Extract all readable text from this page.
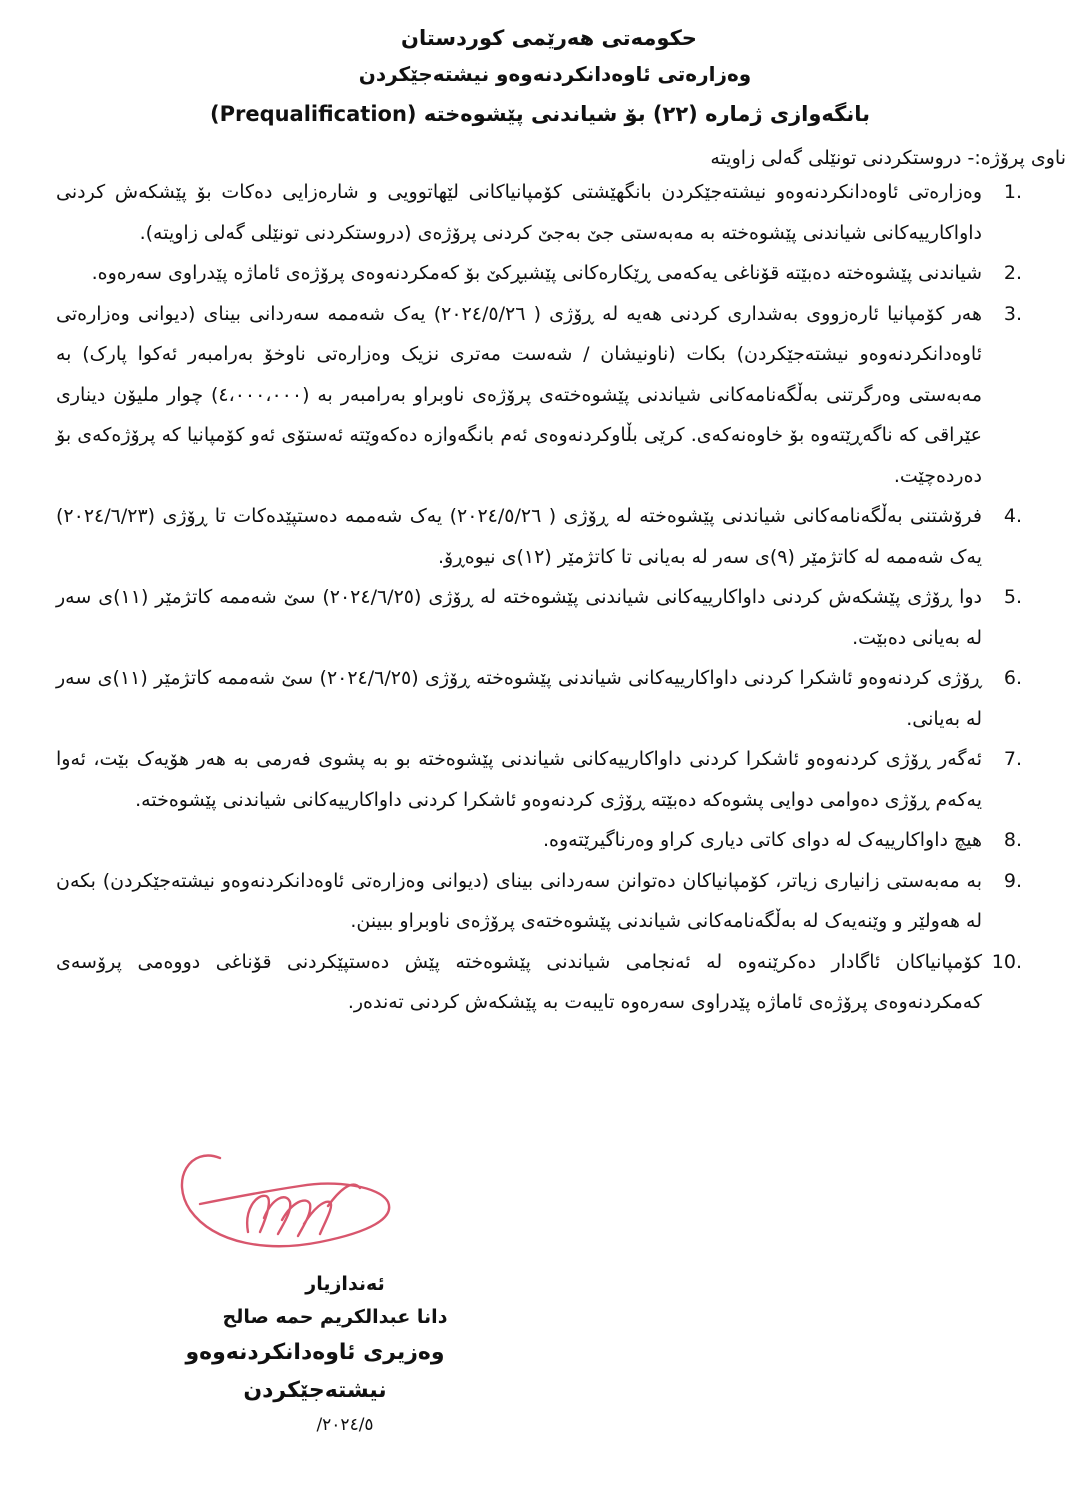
حکومەتی هەرێمی کوردستان
وەزارەتی ئاوەدانکردنەوەو نیشتەجێکردن
بانگەوازی ژمارە (٢٢) بۆ شیاندنی پێشوەختە (Prequalification)
ناوی پرۆژە:- دروستکردنی تونێلی گەلی زاویتە
1.
وەزارەتی ئاوەدانکردنەوەو نیشتەجێکردن بانگهێشتی کۆمپانیاکانی لێهاتوویی و شارەزایی دەکات بۆ پێشکەش کردنی داواکارییەکانی شیاندنی پێشوەختە بە مەبەستی جێ بەجێ کردنی پرۆژەی (دروستکردنی تونێلی گەلی زاویتە).
2.
شیاندنی پێشوەختە دەبێتە قۆناغی یەکەمی ڕێکارەکانی پێشبڕکێ بۆ کەمکردنەوەی پرۆژەی ئاماژە پێدراوی سەرەوە.
3.
هەر کۆمپانیا ئارەزووی بەشداری کردنی هەیە لە ڕۆژی ( ٢٠٢٤/٥/٢٦) یەک شەممە سەردانی بینای (دیوانی وەزارەتی ئاوەدانکردنەوەو نیشتەجێکردن) بکات (ناونیشان / شەست مەتری نزیک وەزارەتی ناوخۆ بەرامبەر ئەکوا پارک) بە مەبەستی وەرگرتنی بەڵگەنامەکانی شیاندنی پێشوەختەی پرۆژەی ناوبراو بەرامبەر بە (٤،٠٠٠،٠٠٠) چوار ملیۆن دیناری عێراقی کە ناگەڕێتەوە بۆ خاوەنەکەی. کرێی بڵاوکردنەوەی ئەم بانگەوازە دەکەوێتە ئەستۆی ئەو کۆمپانیا کە پرۆژەکەی بۆ دەردەچێت.
4.
فرۆشتنی بەڵگەنامەکانی شیاندنی پێشوەختە لە ڕۆژی ( ٢٠٢٤/٥/٢٦) یەک شەممە دەستپێدەکات تا ڕۆژی (٢٠٢٤/٦/٢٣) یەک شەممە لە کاتژمێر (٩)ی سەر لە بەیانی تا کاتژمێر (١٢)ی نیوەڕۆ.
5.
دوا ڕۆژی پێشکەش کردنی داواکارییەکانی شیاندنی پێشوەختە لە ڕۆژی (٢٠٢٤/٦/٢٥) سێ شەممە کاتژمێر (١١)ی سەر لە بەیانی دەبێت.
6.
ڕۆژی کردنەوەو ئاشکرا کردنی داواکارییەکانی شیاندنی پێشوەختە ڕۆژی (٢٠٢٤/٦/٢٥) سێ شەممە کاتژمێر (١١)ی سەر لە بەیانی.
7.
ئەگەر ڕۆژی کردنەوەو ئاشکرا کردنی داواکارییەکانی شیاندنی پێشوەختە بو بە پشوی فەرمی بە هەر هۆیەک بێت، ئەوا یەکەم ڕۆژی دەوامی دوایی پشوەکە دەبێتە ڕۆژی کردنەوەو ئاشکرا کردنی داواکارییەکانی شیاندنی پێشوەختە.
8.
هیچ داواکارییەک لە دوای کاتی دیاری کراو وەرناگیرێتەوە.
9.
بە مەبەستی زانیاری زیاتر، کۆمپانیاکان دەتوانن سەردانی بینای (دیوانی وەزارەتی ئاوەدانکردنەوەو نیشتەجێکردن) بکەن لە هەولێر و وێنەیەک لە بەڵگەنامەکانی شیاندنی پێشوەختەی پرۆژەی ناوبراو ببینن.
10.
کۆمپانیاکان ئاگادار دەکرێنەوە لە ئەنجامی شیاندنی پێشوەختە پێش دەستپێکردنی قۆناغی دووەمی پرۆسەی کەمکردنەوەی پرۆژەی ئاماژە پێدراوی سەرەوە تایبەت بە پێشکەش کردنی تەندەر.
ئەندازیار
دانا عبدالکریم حمە صالح
وەزیری ئاوەدانکردنەوەو نیشتەجێکردن
٢٠٢٤/٥/
